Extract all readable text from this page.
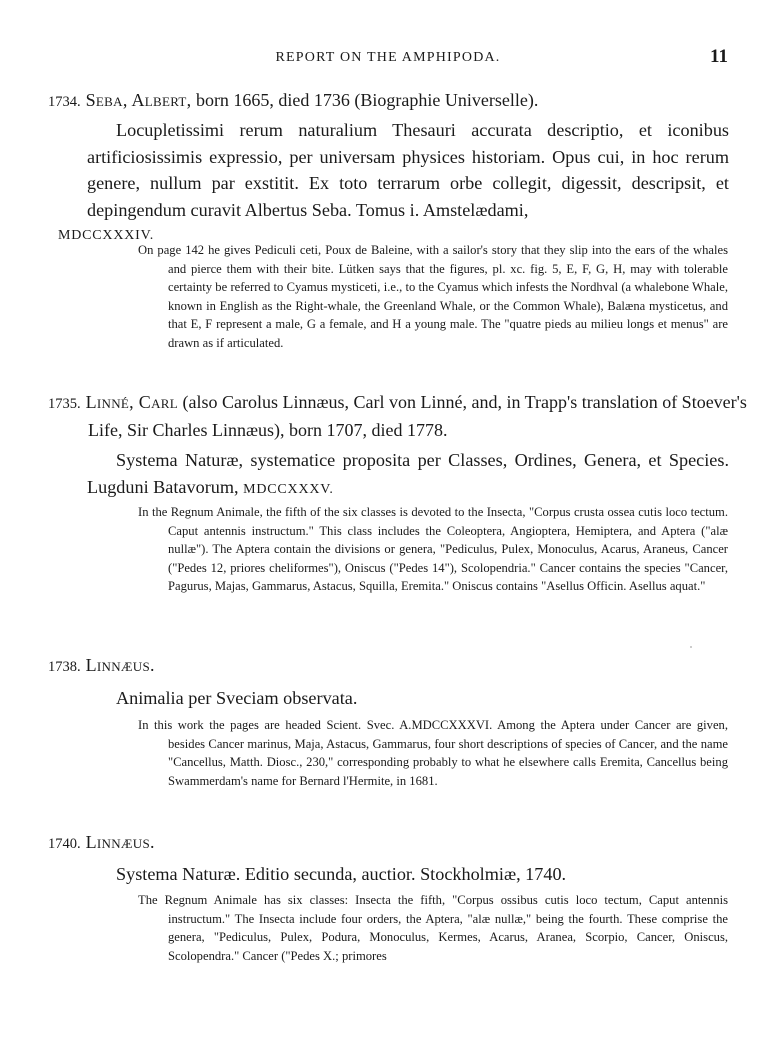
REPORT ON THE AMPHIPODA.	11
1734. Seba, Albert, born 1665, died 1736 (Biographie Universelle).
Locupletissimi rerum naturalium Thesauri accurata descriptio, et iconibus artificiosissimis expressio, per universam physices historiam. Opus cui, in hoc rerum genere, nullum par exstitit. Ex toto terrarum orbe collegit, digessit, descripsit, et depingendum curavit Albertus Seba. Tomus i. Amstelædami,
MDCCXXXIV.
On page 142 he gives Pediculi ceti, Poux de Baleine, with a sailor's story that they slip into the ears of the whales and pierce them with their bite. Lütken says that the figures, pl. xc. fig. 5, E, F, G, H, may with tolerable certainty be referred to Cyamus mysticeti, i.e., to the Cyamus which infests the Nordhval (a whalebone Whale, known in English as the Right-whale, the Greenland Whale, or the Common Whale), Balæna mysticetus, and that E, F represent a male, G a female, and H a young male. The "quatre pieds au milieu longs et menus" are drawn as if articulated.
1735. Linné, Carl (also Carolus Linnæus, Carl von Linné, and, in Trapp's translation of Stoever's Life, Sir Charles Linnæus), born 1707, died 1778.
Systema Naturæ, systematice proposita per Classes, Ordines, Genera, et Species. Lugduni Batavorum, MDCCXXXV.
In the Regnum Animale, the fifth of the six classes is devoted to the Insecta, "Corpus crusta ossea cutis loco tectum. Caput antennis instructum." This class includes the Coleoptera, Angioptera, Hemiptera, and Aptera ("alæ nullæ"). The Aptera contain the divisions or genera, "Pediculus, Pulex, Monoculus, Acarus, Araneus, Cancer ("Pedes 12, priores cheliformes"), Oniscus ("Pedes 14"), Scolopendria." Cancer contains the species "Cancer, Pagurus, Majas, Gammarus, Astacus, Squilla, Eremita." Oniscus contains "Asellus Officin. Asellus aquat."
1738. Linnæus.
Animalia per Sveciam observata.
In this work the pages are headed Scient. Svec. A.MDCCXXXVI. Among the Aptera under Cancer are given, besides Cancer marinus, Maja, Astacus, Gammarus, four short descriptions of species of Cancer, and the name "Cancellus, Matth. Diosc., 230," corresponding probably to what he elsewhere calls Eremita, Cancellus being Swammerdam's name for Bernard l'Hermite, in 1681.
1740. Linnæus.
Systema Naturæ. Editio secunda, auctior. Stockholmiæ, 1740.
The Regnum Animale has six classes: Insecta the fifth, "Corpus ossibus cutis loco tectum, Caput antennis instructum." The Insecta include four orders, the Aptera, "alæ nullæ," being the fourth. These comprise the genera, "Pediculus, Pulex, Podura, Monoculus, Kermes, Acarus, Aranea, Scorpio, Cancer, Oniscus, Scolopendra." Cancer ("Pedes X.; primores
